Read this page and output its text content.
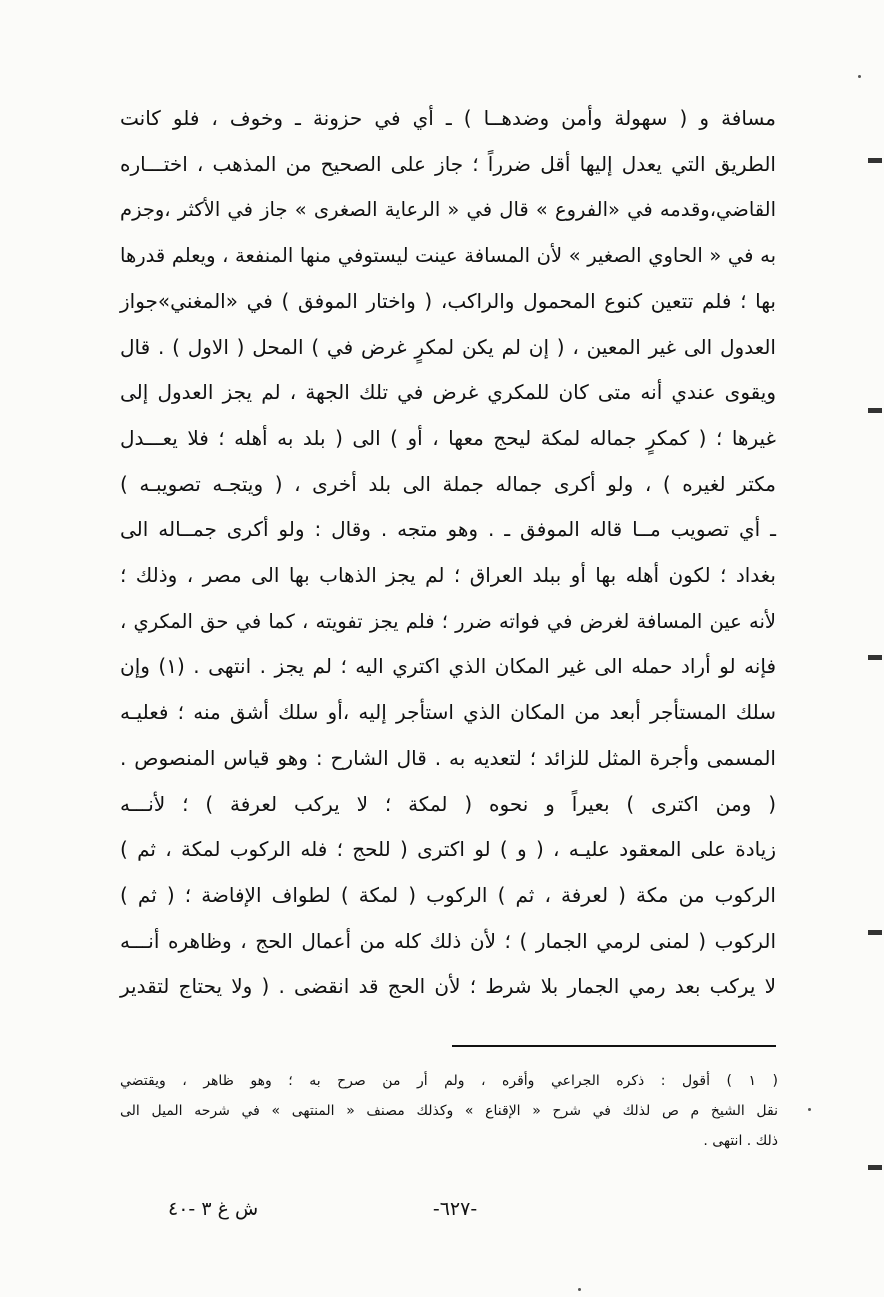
مسافة و ( سهولة وأمن وضده‍ــا ) ـ أي في حزونة ـ وخوف ، فلو كانت
الطريق التي يعدل إليها أقل ضرراً ؛ جاز على الصحيح من المذهب ، اختـــاره
القاضي،وقدمه في «الفروع » قال في « الرعاية الصغرى » جاز في الأكثر ،وجزم
به في « الحاوي الصغير » لأن المسافة عينت ليستوفي منها المنفعة ، ويعلم قدرها
بها ؛ فلم تتعين كنوع المحمول والراكب، ( واختار الموفق ) في «المغني»جواز
العدول الى غير المعين ، ( إن لم يكن لمكرٍ غرض في ) المحل ( الاول ) . قال
ويقوى عندي أنه متى كان للمكري غرض في تلك الجهة ، لم يجز العدول إلى
غيرها ؛ ( كمكرٍ جماله لمكة ليحج معها ، أو ) الى ( بلد به أهله ؛ فلا يعـــدل
مكتر لغيره ) ، ولو أكرى جماله جملة الى بلد أخرى ، ( ويتجـه تصويبـه )
ـ أي تصويب مــا قاله الموفق ـ . وهو متجه . وقال : ولو أكرى جمــاله الى
بغداد ؛ لكون أهله بها أو ببلد العراق ؛ لم يجز الذهاب بها الى مصر ، وذلك ؛
لأنه عين المسافة لغرض في فواته ضرر ؛ فلم يجز تفويته ، كما في حق المكري ،
فإنه لو أراد حمله الى غير المكان الذي اكتري اليه ؛ لم يجز . انتهى . (١) وإن
سلك المستأجر أبعد من المكان الذي استأجر إليه ،أو سلك أشق منه ؛ فعليـه
المسمى وأجرة المثل للزائد ؛ لتعديه به . قال الشارح : وهو قياس المنصوص .
( ومن اكترى ) بعيراً و نحوه ( لمكة ؛ لا يركب لعرفة ) ؛ لأنـــه
زيادة على المعقود عليـه ، ( و ) لو اكترى ( للحج ؛ فله الركوب لمكة ، ثم )
الركوب من مكة ( لعرفة ، ثم ) الركوب ( لمكة ) لطواف الإفاضة ؛ ( ثم )
الركوب ( لمنى لرمي الجمار ) ؛ لأن ذلك كله من أعمال الحج ، وظاهره أنـــه
لا يركب بعد رمي الجمار بلا شرط ؛ لأن الحج قد انقضى . ( ولا يحتاج لتقدير
( ١ ) أقول : ذكره الجراعي وأقره ، ولم أر من صرح به ؛ وهو ظاهر ، ويقتضي
نقل الشيخ م ص لذلك في شرح « الإقناع » وكذلك مصنف « المنتهى » في شرحه الميل الى
ذلك . انتهى .
-٦٢٧-
ش غ ٣ -٤٠
